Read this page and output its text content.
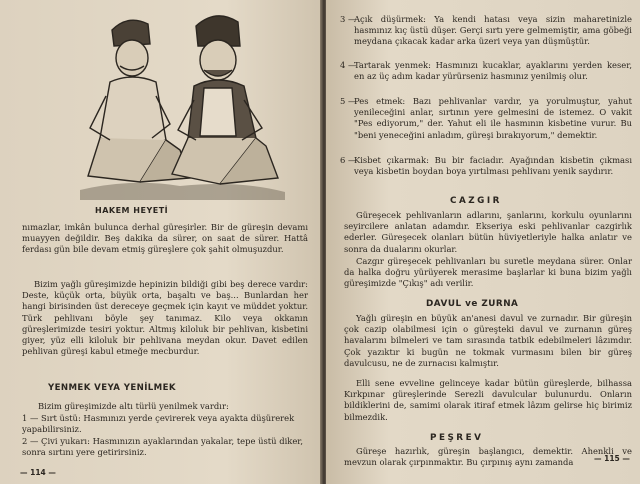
HAKEM HEYETİ

nımazlar, imkân bulunca derhal güreşirler. Bir de güreşin devamı muayyen değildir. Beş dakika da sürer, on saat de sürer. Hattâ ferdası gün bile devam etmiş güreşlere çok şahit olmuşuzdur.

Bizim yağlı güreşimizde hepinizin bildiği gibi beş derece vardır: Deste, küçük orta, büyük orta, başaltı ve baş... Bunlardan her hangi birisinden üst dereceye geçmek için kayıt ve müddet yoktur. Türk pehlivanı böyle şey tanımaz. Kilo veya okkanın güreşlerimizde tesiri yoktur. Altmış kiloluk bir pehlivan, kisbetini giyer, yüz elli kiloluk bir pehlivana meydan okur. Davet edilen pehlivan güreşi kabul etmeğe mecburdur.

YENMEK VEYA YENİLMEK

Bizim güreşimizde altı türlü yenilmek vardır:

1 — Sırt üstü: Hasmınızı yerde çevirerek veya ayakta düşürerek yapabilirsiniz.
2 — Çivi yukarı: Hasmınızın ayaklarından yakalar, tepe üstü diker, sonra sırtını yere getirirsiniz.
— 114 —
3 —
Açık düşürmek: Ya kendi hatası veya sizin maharetinizle hasmınız kıç üstü düşer. Gerçi sırtı yere gelmemiştir, ama göbeği meydana çıkacak kadar arka üzeri veya yan düşmüştür.
4 —
Tartarak yenmek: Hasmınızı kucaklar, ayaklarını yerden keser, en az üç adım kadar yürürseniz hasmınız yenilmiş olur.
5 —
Pes etmek: Bazı pehlivanlar vardır, ya yorulmuştur, yahut yenileceğini anlar, sırtının yere gelmesini de istemez. O vakit "Pes ediyorum," der. Yahut eli ile hasmının kisbetine vurur. Bu "beni yeneceğini anladım, güreşi bırakıyorum," demektir.
6 —
Kisbet çıkarmak: Bu bir faciadır. Ayağından kisbetin çıkması veya kisbetin boydan boya yırtılması pehlivanı yenik saydırır.
CAZGIR

Güreşecek pehlivanların adlarını, şanlarını, korkulu oyunlarını seyircilere anlatan adamdır. Ekseriya eski pehlivanlar cazgirlık ederler. Güreşecek olanları bütün hüviyetleriyle halka anlatır ve sonra da dualarını okurlar.

Cazgır güreşecek pehlivanları bu suretle meydana sürer. Onlar da halka doğru yürüyerek merasime başlarlar ki buna bizim yağlı güreşimizde "Çıkış" adı verilir.

DAVUL ve ZURNA

Yağlı güreşin en büyük an'anesi davul ve zurnadır. Bir güreşin çok cazip olabilmesi için o güreşteki davul ve zurnanın güreş havalarını bilmeleri ve tam sırasında tatbik edebilmeleri lâzımdır. Çok yazıktır ki bugün ne tokmak vurmasını bilen bir güreş davulcusu, ne de zurnacısı kalmıştır.

Elli sene evveline gelinceye kadar bütün güreşlerde, bilhassa Kırkpınar güreşlerinde Serezli davulcular bulunurdu. Onların bildiklerini de, samimi olarak itiraf etmek lâzım gelirse hiç birimiz bilmezdik.

PEŞREV

Güreşe hazırlık, güreşin başlangıcı, demektir. Ahenkli ve mevzun olarak çırpınmaktır. Bu çırpınış aynı zamanda	— 115 —
